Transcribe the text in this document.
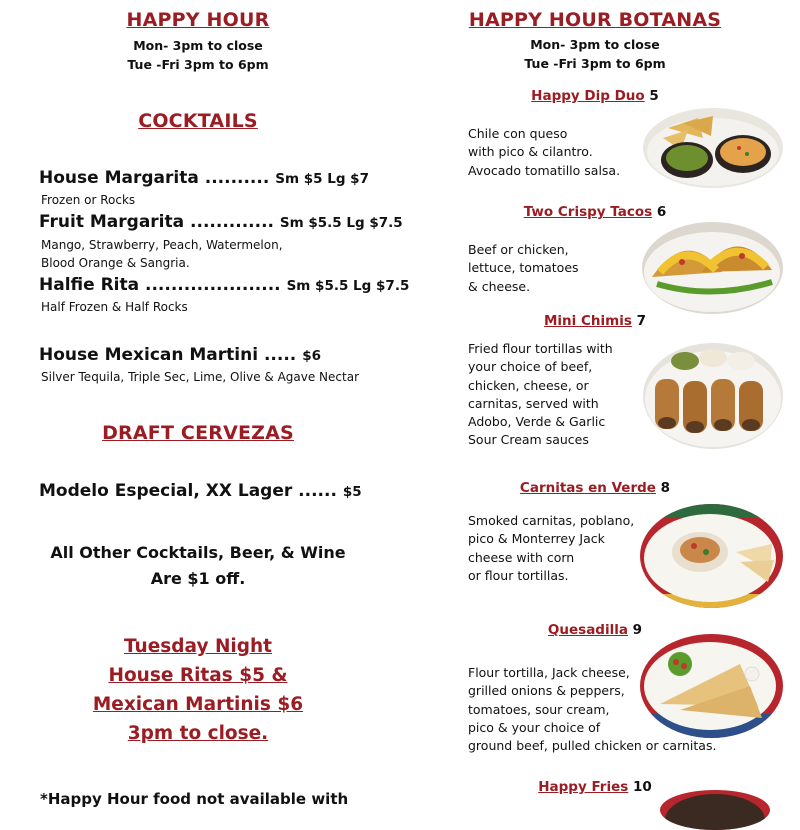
HAPPY HOUR
Mon- 3pm to close
Tue -Fri 3pm to 6pm
COCKTAILS
House Margarita .......... Sm $5 Lg $7
Frozen or Rocks
Fruit Margarita ............. Sm $5.5 Lg $7.5
Mango, Strawberry, Peach, Watermelon,
Blood Orange & Sangria.
Halfie Rita ..................... Sm $5.5 Lg $7.5
Half Frozen & Half Rocks
House Mexican Martini ..... $6
Silver Tequila, Triple Sec, Lime, Olive & Agave Nectar
DRAFT CERVEZAS
Modelo Especial, XX Lager ...... $5
All Other Cocktails, Beer, & Wine
Are $1 off.
Tuesday Night
House Ritas $5 &
Mexican Martinis $6
3pm to close.
*Happy Hour food not available with
HAPPY HOUR BOTANAS
Mon- 3pm to close
Tue -Fri 3pm to 6pm
Happy Dip Duo 5
Chile con queso
with pico & cilantro.
Avocado tomatillo salsa.
Two Crispy Tacos 6
Beef or chicken,
lettuce, tomatoes
& cheese.
Mini Chimis 7
Fried flour tortillas with
your choice of beef,
chicken, cheese, or
carnitas, served with
Adobo, Verde & Garlic
Sour Cream sauces
Carnitas en Verde 8
Smoked carnitas, poblano,
pico & Monterrey Jack
cheese with corn
or flour tortillas.
Quesadilla 9
Flour tortilla, Jack cheese,
grilled onions & peppers,
tomatoes, sour cream,
pico & your choice of
ground beef, pulled chicken or carnitas.
Happy Fries 10
